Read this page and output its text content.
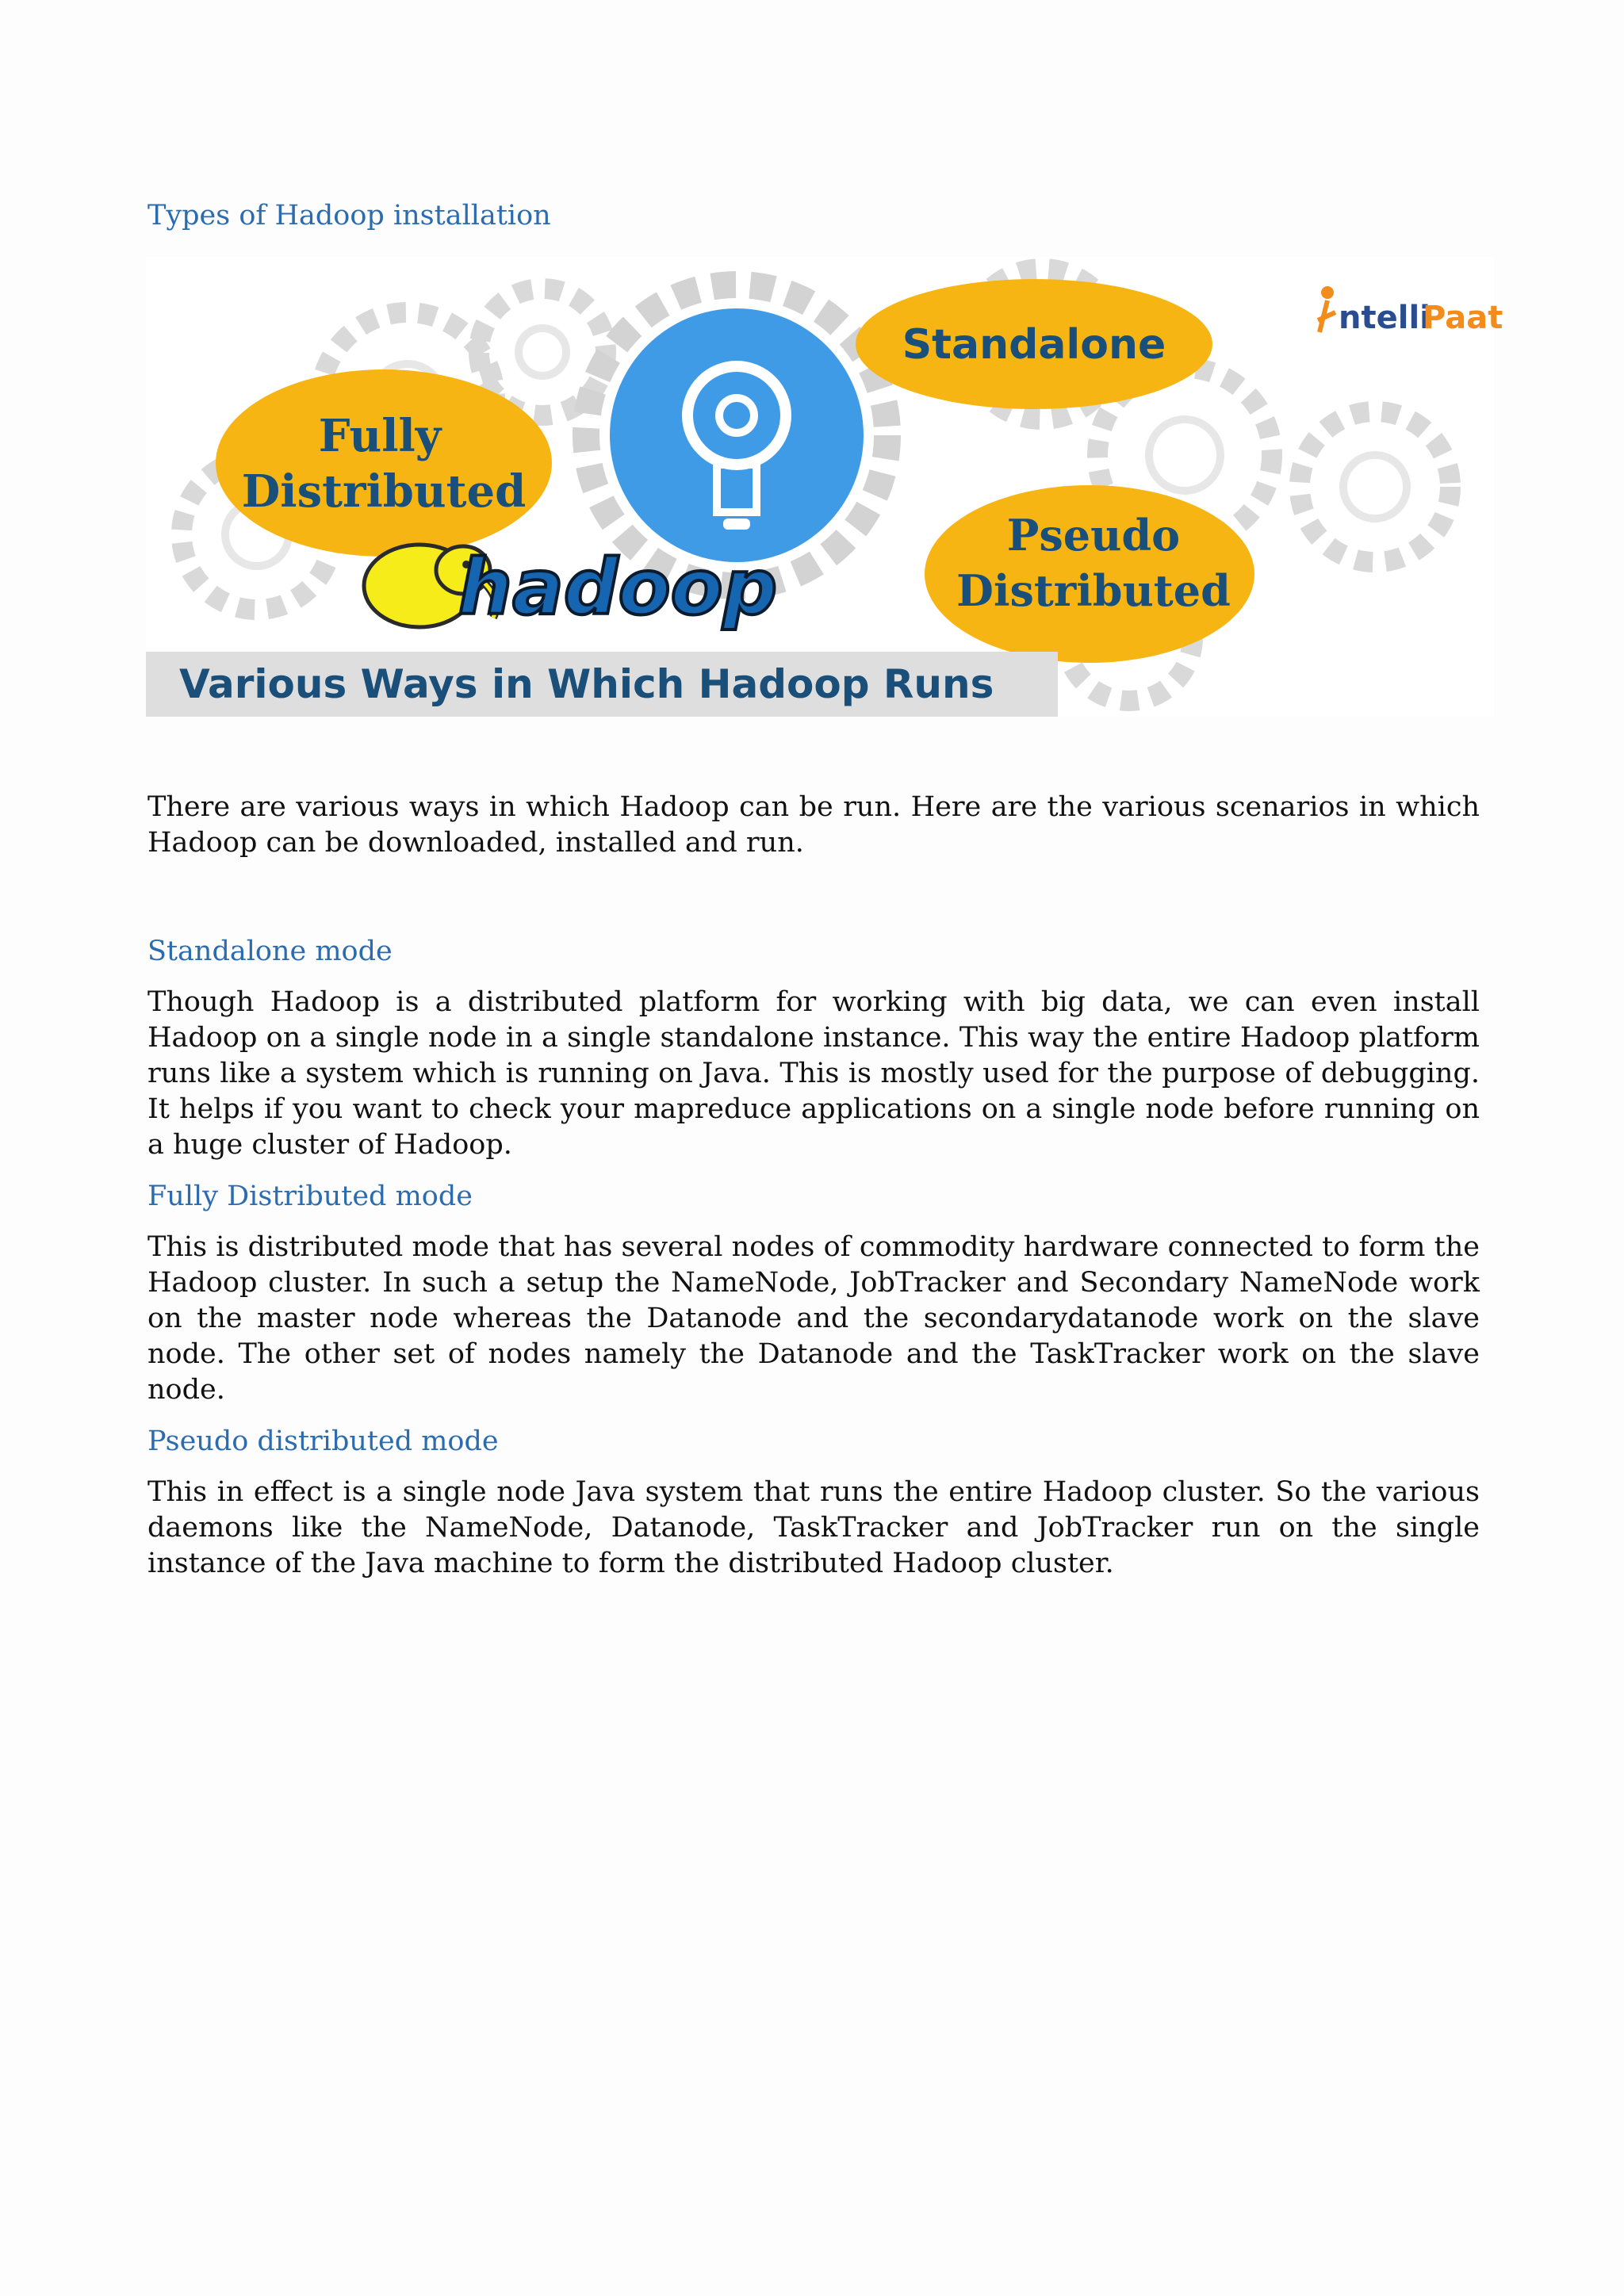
Types of Hadoop installation
Standalone
Fully
Distributed
Pseudo
Distributed
hadoop
ntelli
Paat
Various Ways in Which Hadoop Runs

There are various ways in which Hadoop can be run. Here are the various scenarios in which Hadoop can be downloaded, installed and run.

Standalone mode

Though Hadoop is a distributed platform for working with big data, we can even install Hadoop on a single node in a single standalone instance. This way the entire Hadoop platform runs like a system which is running on Java. This is mostly used for the purpose of debugging. It helps if you want to check your mapreduce applications on a single node before running on a huge cluster of Hadoop.

Fully Distributed mode

This is distributed mode that has several nodes of commodity hardware connected to form the Hadoop cluster. In such a setup the NameNode, JobTracker and Secondary NameNode work on the master node whereas the Datanode and the secondarydatanode work on the slave node. The other set of nodes namely the Datanode and the TaskTracker work on the slave node.

Pseudo distributed mode

This in effect is a single node Java system that runs the entire Hadoop cluster. So the various daemons like the NameNode, Datanode, TaskTracker and JobTracker run on the single instance of the Java machine to form the distributed Hadoop cluster.
